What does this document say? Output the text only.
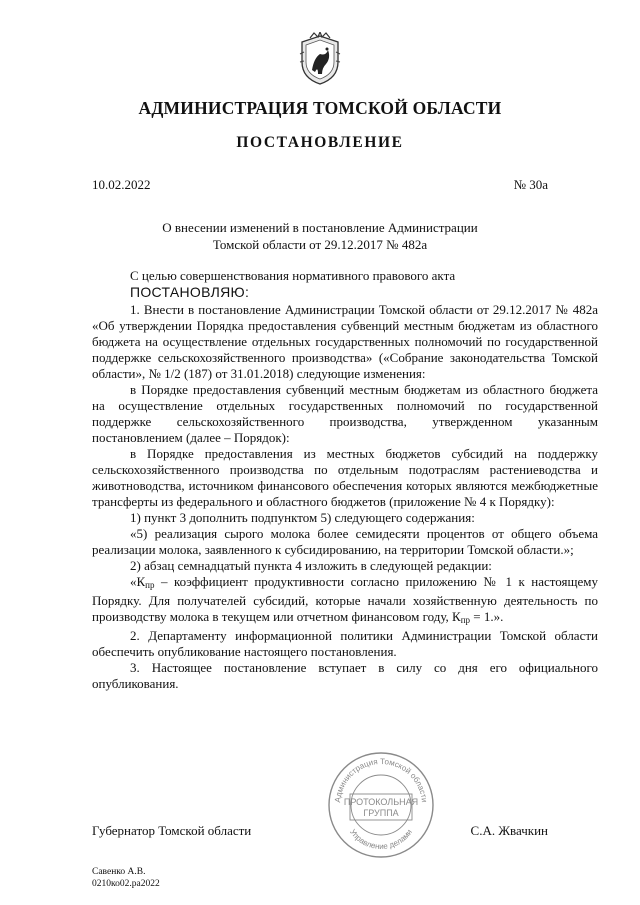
АДМИНИСТРАЦИЯ ТОМСКОЙ ОБЛАСТИ
ПОСТАНОВЛЕНИЕ
10.02.2022	№ 30а
О внесении изменений в постановление Администрации
Томской области от 29.12.2017 № 482а
С целью совершенствования нормативного правового акта
ПОСТАНОВЛЯЮ:

1. Внести в постановление Администрации Томской области от 29.12.2017 № 482а «Об утверждении Порядка предоставления субвенций местным бюджетам из областного бюджета на осуществление отдельных государственных полномочий по государственной поддержке сельскохозяйственного производства» («Собрание законодательства Томской области», № 1/2 (187) от 31.01.2018) следующие изменения:

в Порядке предоставления субвенций местным бюджетам из областного бюджета на осуществление отдельных государственных полномочий по государственной поддержке сельскохозяйственного производства, утвержденном указанным постановлением (далее – Порядок):

в Порядке предоставления из местных бюджетов субсидий на поддержку сельскохозяйственного производства по отдельным подотраслям растениеводства и животноводства, источником финансового обеспечения которых являются межбюджетные трансферты из федерального и областного бюджетов (приложение № 4 к Порядку):

1) пункт 3 дополнить подпунктом 5) следующего содержания:

«5) реализация сырого молока более семидесяти процентов от общего объема реализации молока, заявленного к субсидированию, на территории Томской области.»;

2) абзац семнадцатый пункта 4 изложить в следующей редакции:

«$К_{пр}$ – коэффициент продуктивности согласно приложению № 1 к настоящему Порядку. Для получателей субсидий, которые начали хозяйственную деятельность по производству молока в текущем или отчетном финансовом году, $К_{пр} = 1$.».

2. Департаменту информационной политики Администрации Томской области обеспечить опубликование настоящего постановления.

3. Настоящее постановление вступает в силу со дня его официального опубликования.

Администрация Томской области
Управление делами
ПРОТОКОЛЬНАЯ
ГРУППА
Губернатор Томской области	С.А. Жвачкин
Савенко А.В.
0210ко02.ра2022
